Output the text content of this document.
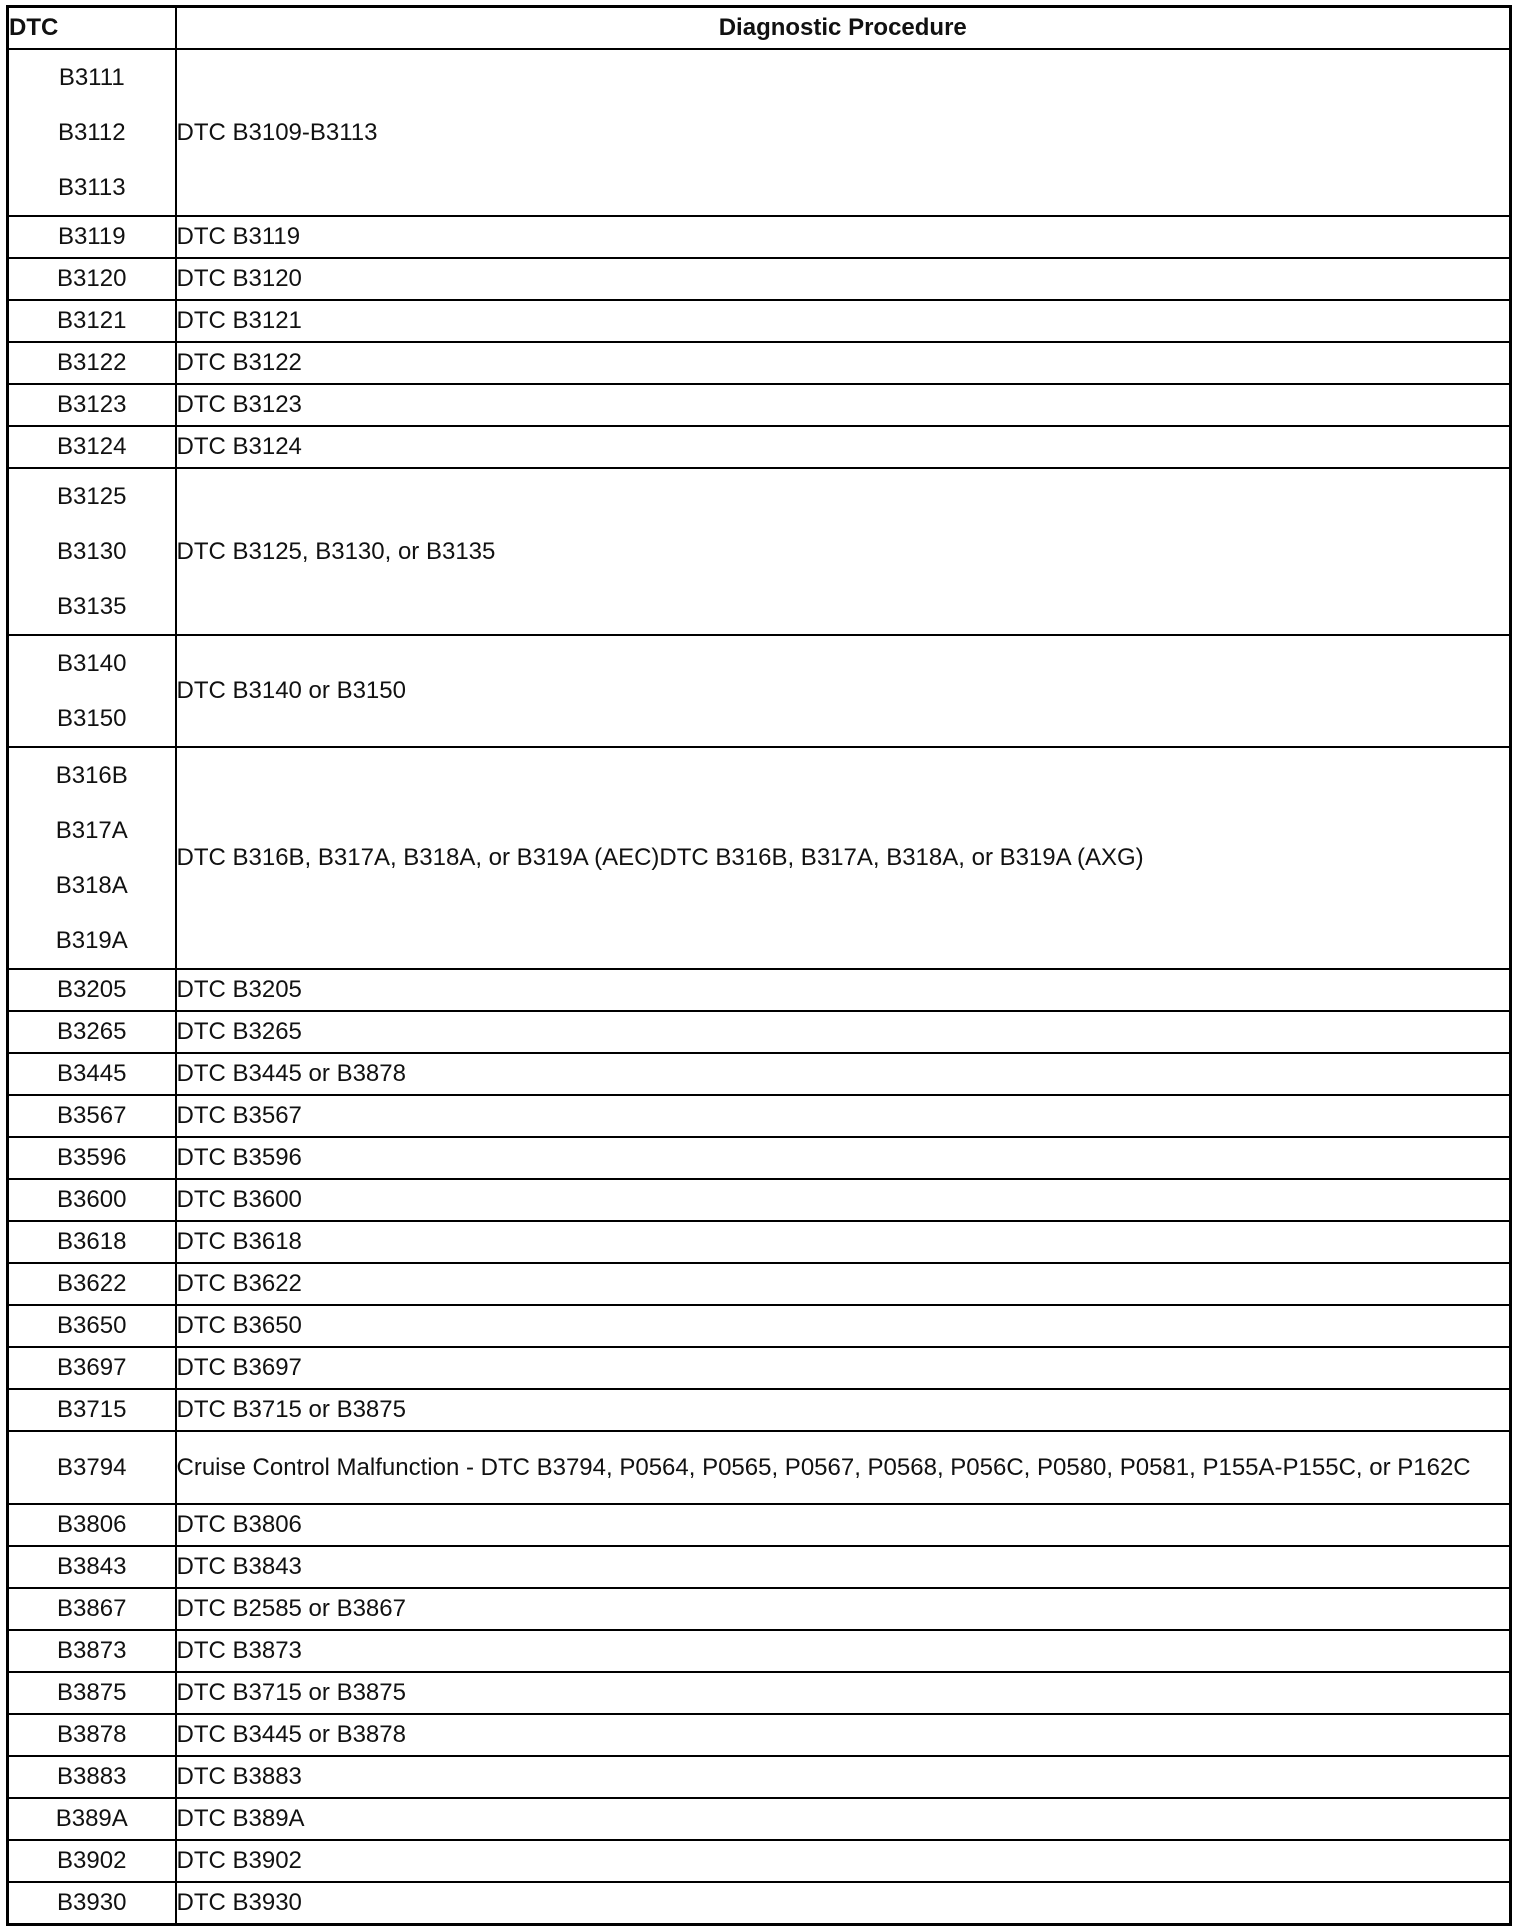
DTC	Diagnostic Procedure

B3111
B3112
B3113	DTC B3109-B3113

B3119	DTC B3119

B3120	DTC B3120

B3121	DTC B3121

B3122	DTC B3122

B3123	DTC B3123

B3124	DTC B3124

B3125
B3130
B3135	DTC B3125, B3130, or B3135

B3140
B3150	DTC B3140 or B3150

B316B
B317A
B318A
B319A	DTC B316B, B317A, B318A, or B319A (AEC)DTC B316B, B317A, B318A, or B319A (AXG)

B3205	DTC B3205

B3265	DTC B3265

B3445	DTC B3445 or B3878

B3567	DTC B3567

B3596	DTC B3596

B3600	DTC B3600

B3618	DTC B3618

B3622	DTC B3622

B3650	DTC B3650

B3697	DTC B3697

B3715	DTC B3715 or B3875

B3794	Cruise Control Malfunction - DTC B3794, P0564, P0565, P0567, P0568, P056C, P0580, P0581, P155A-P155C, or P162C

B3806	DTC B3806

B3843	DTC B3843

B3867	DTC B2585 or B3867

B3873	DTC B3873

B3875	DTC B3715 or B3875

B3878	DTC B3445 or B3878

B3883	DTC B3883

B389A	DTC B389A

B3902	DTC B3902

B3930	DTC B3930
